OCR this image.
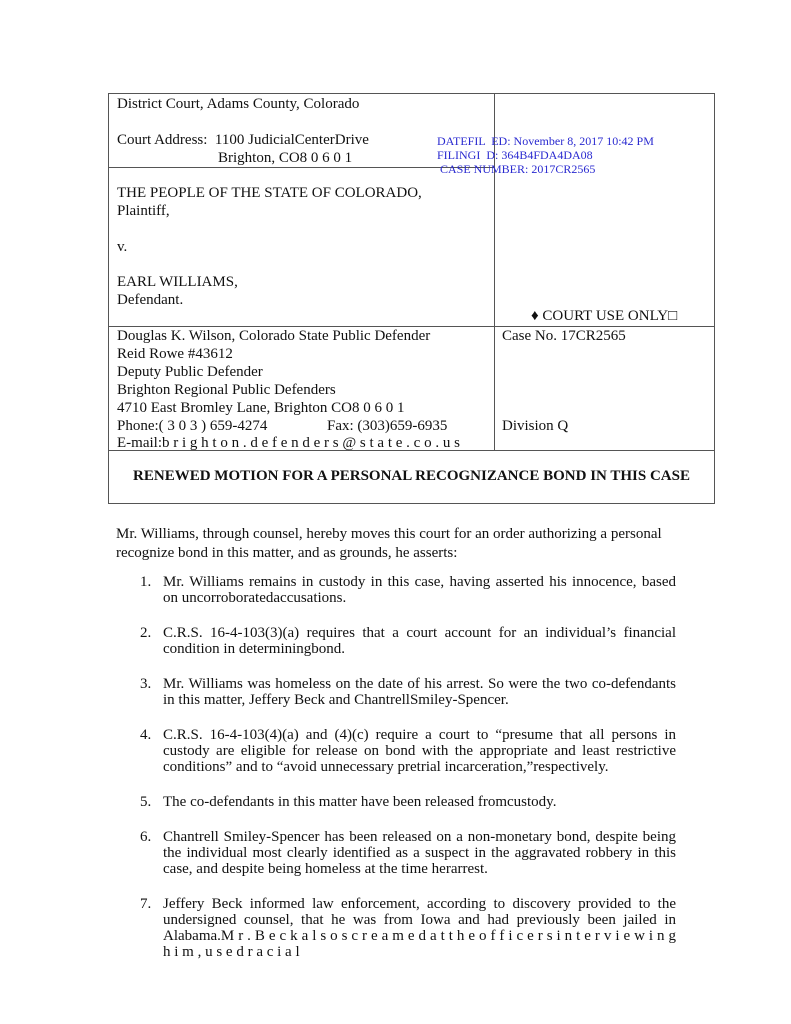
District Court, Adams County, Colorado
Court Address:  1100 JudicialCenterDrive
Brighton, CO8 0 6 0 1
THE PEOPLE OF THE STATE OF COLORADO,
Plaintiff,
v.
EARL WILLIAMS,
Defendant.
♦ COURT USE ONLY□
Douglas K. Wilson, Colorado State Public Defender
Reid Rowe #43612
Deputy Public Defender
Brighton Regional Public Defenders
4710 East Bromley Lane, Brighton CO8 0 6 0 1
Phone:( 3 0 3 ) 659-4274	Fax: (303)659-6935
E-mail:b r i g h t o n . d e f e n d e r s @ s t a t e . c o . u s
Case No. 17CR2565
Division Q
RENEWED MOTION FOR A PERSONAL RECOGNIZANCE BOND IN THIS CASE
DATEFIL  ED: November 8, 2017 10:42 PM
FILINGI  D: 364B4FDA4DA08
CASE NUMBER: 2017CR2565
Mr. Williams, through counsel, hereby moves this court for an order authorizing a personal recognize bond in this matter, and as grounds, he asserts:
1. Mr. Williams remains in custody in this case, having asserted his innocence, based on uncorroboratedaccusations.
2. C.R.S. 16-4-103(3)(a) requires that a court account for an individual’s financial condition in determiningbond.
3. Mr. Williams was homeless on the date of his arrest. So were the two co-defendants in this matter, Jeffery Beck and ChantrellSmiley-Spencer.
4. C.R.S. 16-4-103(4)(a) and (4)(c) require a court to “presume that all persons in custody are eligible for release on bond with the appropriate and least restrictive conditions” and to “avoid unnecessary pretrial incarceration,”respectively.
5. The co-defendants in this matter have been released fromcustody.
6. Chantrell Smiley-Spencer has been released on a non-monetary bond, despite being the individual most clearly identified as a suspect in the aggravated robbery in this case, and despite being homeless at the time herarrest.
7. Jeffery Beck informed law enforcement, according to discovery provided to the undersigned counsel, that he was from Iowa and had previously been jailed in Alabama.M r . B e c k a l s o s c r e a m e d a t t h e o f f i c e r s i n t e r v i e w i n g h i m , u s e d r a c i a l
